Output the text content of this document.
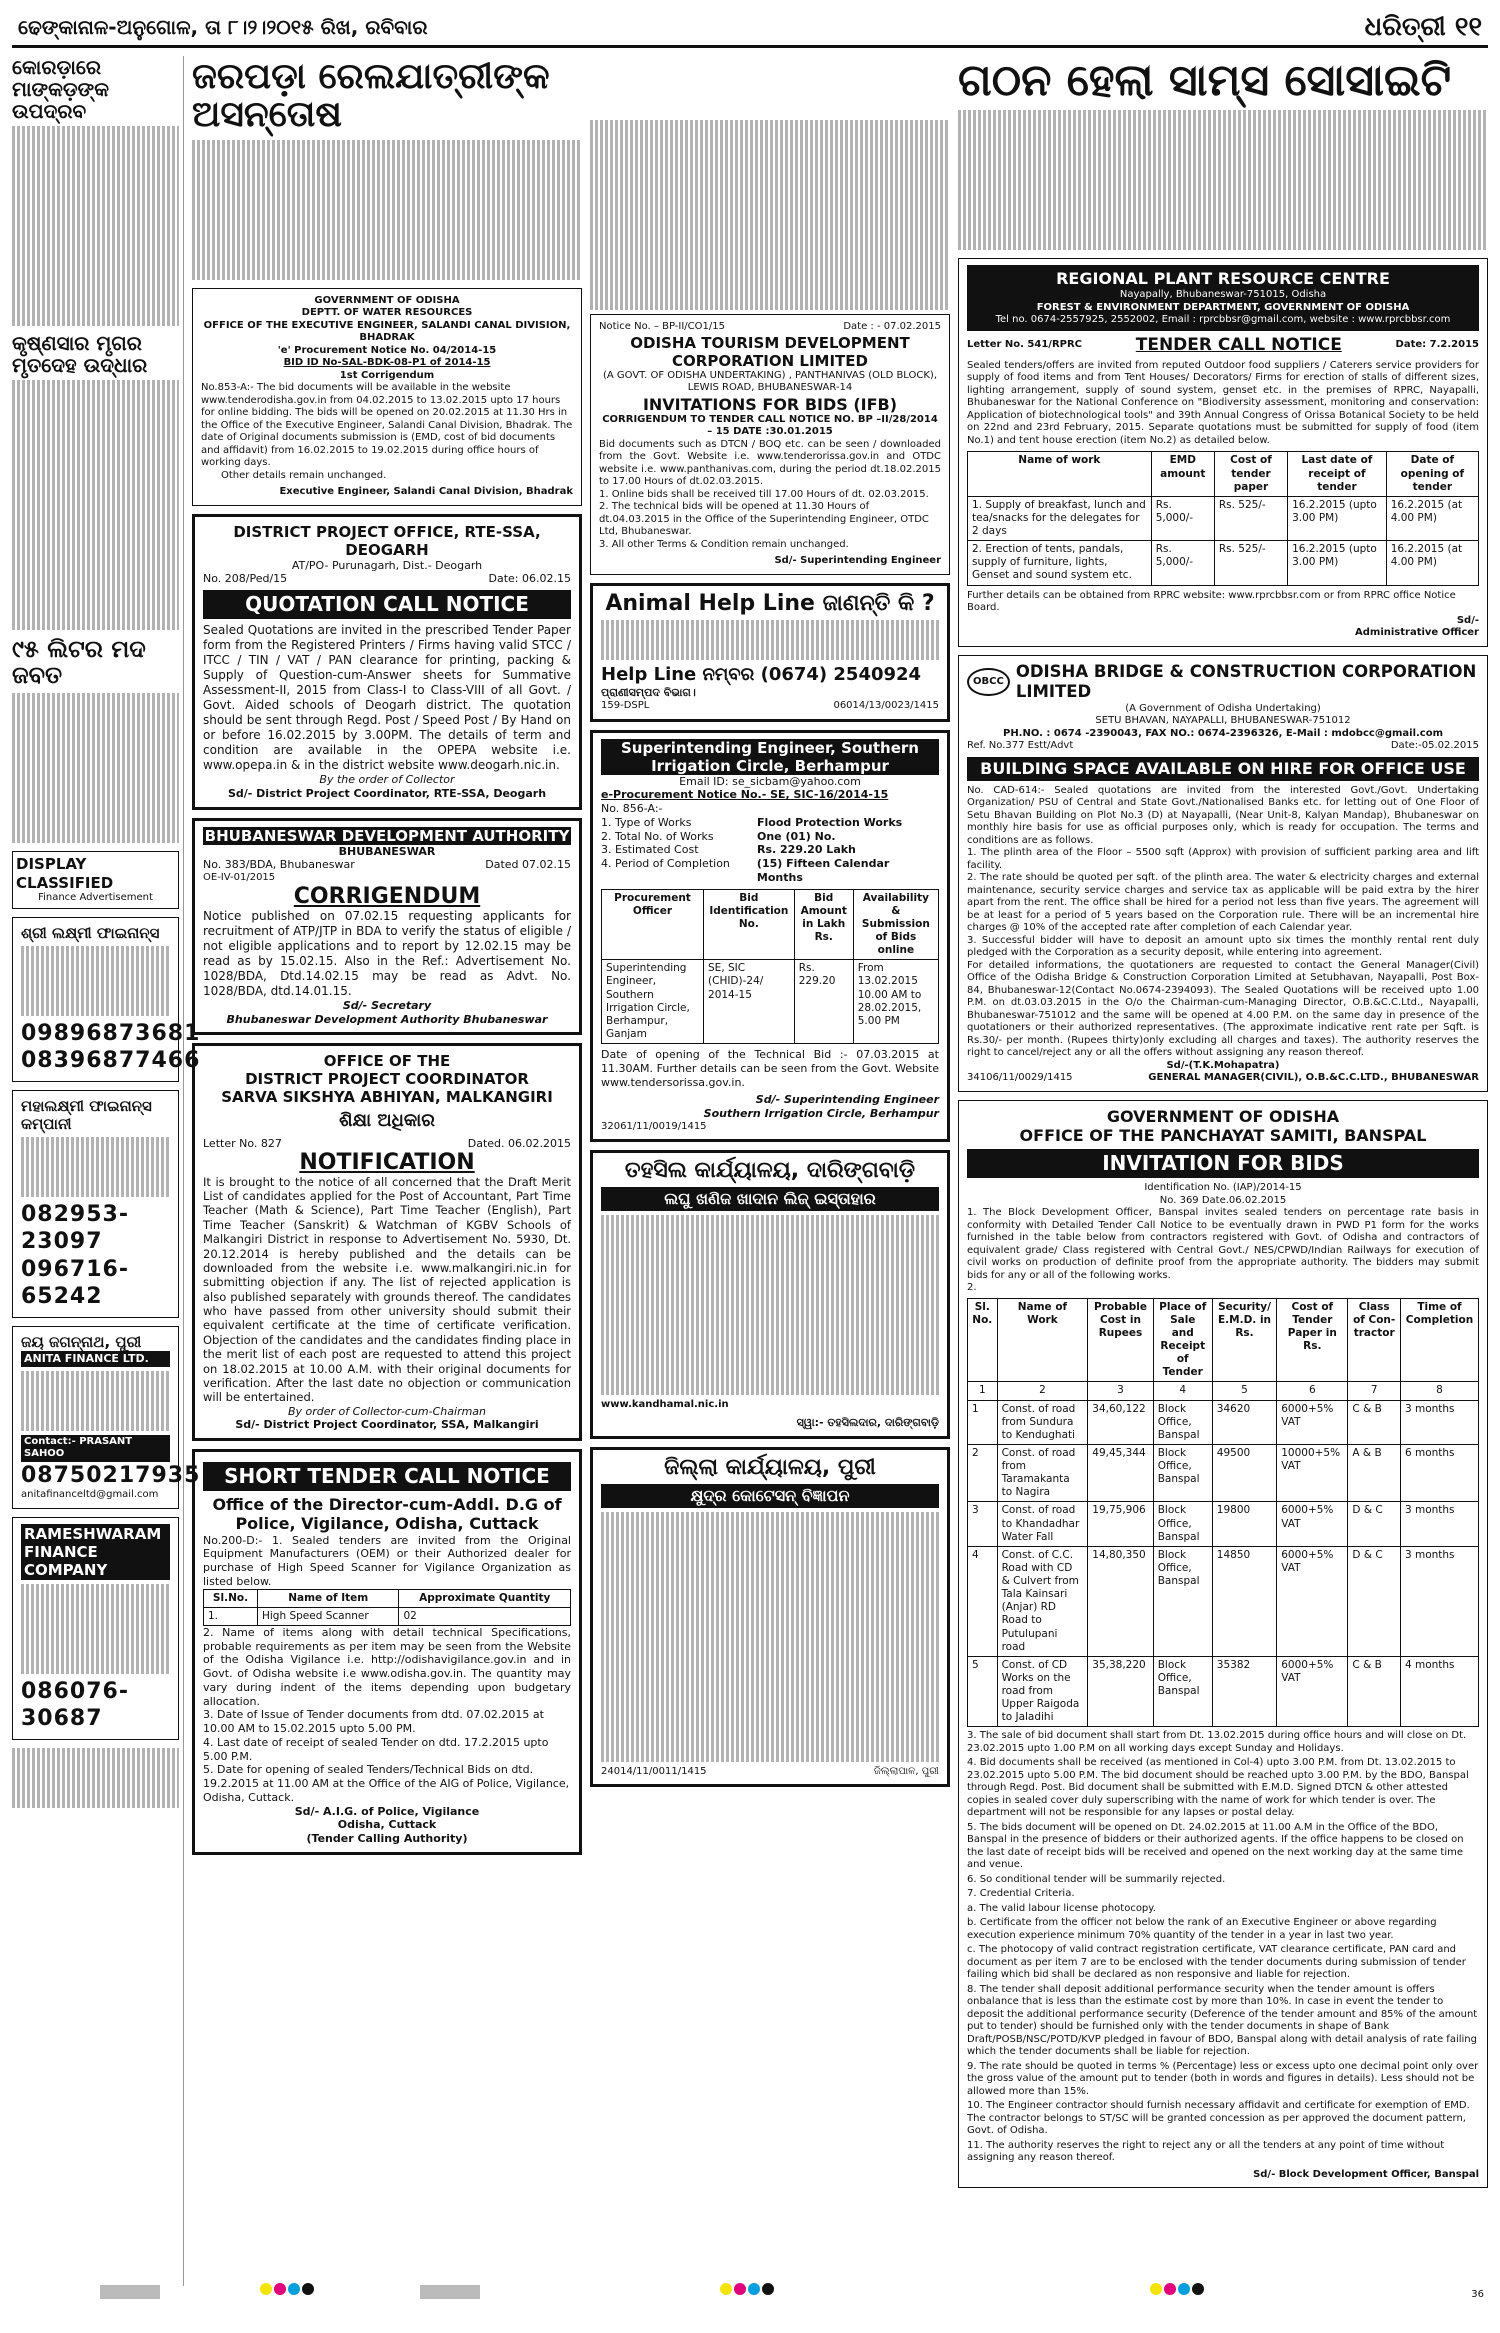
ଢେଙ୍କାନାଳ-ଅନୁଗୋଳ, ତା ୮।୨।୨୦୧୫ ରିଖ, ରବିବାର	ଧରିତ୍ରୀ ୧୧
କୋରଡ଼ାରେ ମାଙ୍କଡ଼ଙ୍କ ଉପଦ୍ରବ
କୃଷ୍ଣସାର ମୃଗର ମୃତଦେହ ଉଦ୍ଧାର
୯୫ ଲିଟର ମଦ ଜବତ
DISPLAY CLASSIFIED
Finance Advertisement
ଶ୍ରୀ ଲକ୍ଷ୍ମୀ ଫାଇନାନ୍ସ
09896873681
08396877466
ମହାଲକ୍ଷ୍ମୀ ଫାଇନାନ୍ସ କମ୍ପାନୀ
082953-23097
096716-65242
ଜୟ ଜଗନ୍ନାଥ, ପୁରୀ
ANITA FINANCE LTD.
Contact:- PRASANT SAHOO
08750217935
anitafinanceltd@gmail.com
RAMESHWARAM FINANCE COMPANY
086076-30687
ଜରପଡ଼ା ରେଲଯାତ୍ରୀଙ୍କ ଅସନ୍ତୋଷ
GOVERNMENT OF ODISHA
DEPTT. OF WATER RESOURCES
OFFICE OF THE EXECUTIVE ENGINEER, SALANDI CANAL DIVISION, BHADRAK
'e' Procurement Notice No. 04/2014-15
BID ID No-SAL-BDK-08-P1 of 2014-15
1st Corrigendum

No.853-A:- The bid documents will be available in the website www.tenderodisha.gov.in from 04.02.2015 to 13.02.2015 upto 17 hours for online bidding. The bids will be opened on 20.02.2015 at 11.30 Hrs in the Office of the Executive Engineer, Salandi Canal Division, Bhadrak. The date of Original documents submission is (EMD, cost of bid documents and affidavit) from 16.02.2015 to 19.02.2015 during office hours of working days.

Other details remain unchanged.

Executive Engineer, Salandi Canal Division, Bhadrak
DISTRICT PROJECT OFFICE, RTE-SSA, DEOGARH
AT/PO- Purunagarh, Dist.- Deogarh
No. 208/Ped/15	Date: 06.02.15
QUOTATION CALL NOTICE

Sealed Quotations are invited in the prescribed Tender Paper form from the Registered Printers / Firms having valid STCC / ITCC / TIN / VAT / PAN clearance for printing, packing & Supply of Question-cum-Answer sheets for Summative Assessment-II, 2015 from Class-I to Class-VIII of all Govt. / Govt. Aided schools of Deogarh district. The quotation should be sent through Regd. Post / Speed Post / By Hand on or before 16.02.2015 by 3.00PM. The details of term and condition are available in the OPEPA website i.e. www.opepa.in & in the district website www.deogarh.nic.in.

By the order of Collector
Sd/- District Project Coordinator, RTE-SSA, Deogarh
BHUBANESWAR DEVELOPMENT AUTHORITY
BHUBANESWAR
No. 383/BDA, Bhubaneswar	Dated 07.02.15
OE-IV-01/2015
CORRIGENDUM

Notice published on 07.02.15 requesting applicants for recruitment of ATP/JTP in BDA to verify the status of eligible / not eligible applications and to report by 12.02.15 may be read as by 15.02.15. Also in the Ref.: Advertisement No. 1028/BDA, Dtd.14.02.15 may be read as Advt. No. 1028/BDA, dtd.14.01.15.

Sd/- Secretary
Bhubaneswar Development Authority Bhubaneswar
OFFICE OF THE
DISTRICT PROJECT COORDINATOR
SARVA SIKSHYA ABHIYAN, MALKANGIRI
ଶିକ୍ଷା ଅଧିକାର
Letter No. 827	Dated. 06.02.2015
NOTIFICATION

It is brought to the notice of all concerned that the Draft Merit List of candidates applied for the Post of Accountant, Part Time Teacher (Math & Science), Part Time Teacher (English), Part Time Teacher (Sanskrit) & Watchman of KGBV Schools of Malkangiri District in response to Advertisement No. 5930, Dt. 20.12.2014 is hereby published and the details can be downloaded from the website i.e. www.malkangiri.nic.in for submitting objection if any. The list of rejected application is also published separately with grounds thereof. The candidates who have passed from other university should submit their equivalent certificate at the time of certificate verification. Objection of the candidates and the candidates finding place in the merit list of each post are requested to attend this project on 18.02.2015 at 10.00 A.M. with their original documents for verification. After the last date no objection or communication will be entertained.

By order of Collector-cum-Chairman
Sd/- District Project Coordinator, SSA, Malkangiri
SHORT TENDER CALL NOTICE
Office of the Director-cum-Addl. D.G of Police, Vigilance, Odisha, Cuttack

No.200-D:- 1. Sealed tenders are invited from the Original Equipment Manufacturers (OEM) or their Authorized dealer for purchase of High Speed Scanner for Vigilance Organization as listed below.

Sl.No.	Name of Item	Approximate Quantity
1.	High Speed Scanner	02

2. Name of items along with detail technical Specifications, probable requirements as per item may be seen from the Website of the Odisha Vigilance i.e. http://odishavigilance.gov.in and in Govt. of Odisha website i.e www.odisha.gov.in. The quantity may vary during indent of the items depending upon budgetary allocation.

3. Date of Issue of Tender documents from dtd. 07.02.2015 at 10.00 AM to 15.02.2015 upto 5.00 PM.

4. Last date of receipt of sealed Tender on dtd. 17.2.2015 upto 5.00 P.M.

5. Date for opening of sealed Tenders/Technical Bids on dtd. 19.2.2015 at 11.00 AM at the Office of the AIG of Police, Vigilance, Odisha, Cuttack.

Sd/- A.I.G. of Police, Vigilance
Odisha, Cuttack
(Tender Calling Authority)
Notice No. – BP-II/CO1/15	Date : - 07.02.2015
ODISHA TOURISM DEVELOPMENT CORPORATION LIMITED
(A GOVT. OF ODISHA UNDERTAKING) , PANTHANIVAS (OLD BLOCK), LEWIS ROAD, BHUBANESWAR-14
INVITATIONS FOR BIDS (IFB)
CORRIGENDUM TO TENDER CALL NOTICE NO. BP –II/28/2014 – 15 DATE :30.01.2015

Bid documents such as DTCN / BOQ etc. can be seen / downloaded from the Govt. Website i.e. www.tenderorissa.gov.in and OTDC website i.e. www.panthanivas.com, during the period dt.18.02.2015 to 17.00 Hours of dt.02.03.2015.

1. Online bids shall be received till 17.00 Hours of dt. 02.03.2015.

2. The technical bids will be opened at 11.30 Hours of dt.04.03.2015 in the Office of the Superintending Engineer, OTDC Ltd, Bhubaneswar.

3. All other Terms & Condition remain unchanged.

Sd/- Superintending Engineer
Animal Help Line ଜାଣନ୍ତି କି ?
Help Line ନମ୍ବର (0674) 2540924
ପ୍ରାଣୀସମ୍ପଦ ବିଭାଗ।
159-DSPL	06014/13/0023/1415
Superintending Engineer, Southern Irrigation Circle, Berhampur
Email ID: se_sicbam@yahoo.com
e-Procurement Notice No.- SE, SIC-16/2014-15
No. 856-A:-
1. Type of Works	Flood Protection Works
2. Total No. of Works	One (01) No.
3. Estimated Cost	Rs. 229.20 Lakh
4. Period of Completion	(15) Fifteen Calendar Months
Procurement Officer	Bid Identification No.	Bid Amount in Lakh Rs.	Availability & Submission of Bids online
Superintending Engineer, Southern Irrigation Circle, Berhampur, Ganjam	SE, SIC (CHID)-24/ 2014-15	Rs. 229.20	From 13.02.2015 10.00 AM to 28.02.2015, 5.00 PM

Date of opening of the Technical Bid :- 07.03.2015 at 11.30AM. Further details can be seen from the Govt. Website www.tendersorissa.gov.in.

Sd/- Superintending Engineer
Southern Irrigation Circle, Berhampur
32061/11/0019/1415
ତହସିଲ କାର୍ଯ୍ୟାଳୟ, ଦାରିଙ୍ଗବାଡ଼ି
ଲଘୁ ଖଣିଜ ଖାଦାନ ଲିଜ୍ ଇସ୍ତାହାର
www.kandhamal.nic.in
ସ୍ୱା:- ତହସିଲଦାର, ଦାରିଙ୍ଗବାଡ଼ି
ଜିଲ୍ଲା କାର୍ଯ୍ୟାଳୟ, ପୁରୀ
କ୍ଷୁଦ୍ର କୋଟେସନ୍ ବିଜ୍ଞାପନ
24014/11/0011/1415	ଜିଲ୍ଲାପାଳ, ପୁରୀ
ଗଠନ ହେଲା ସାମ୍ସ ସୋସାଇଟି
REGIONAL PLANT RESOURCE CENTRE
Nayapally, Bhubaneswar-751015, Odisha
FOREST & ENVIRONMENT DEPARTMENT, GOVERNMENT OF ODISHA
Tel no. 0674-2557925, 2552002, Email : rprcbbsr@gmail.com, website : www.rprcbbsr.com
Letter No. 541/RPRC	TENDER CALL NOTICE	Date: 7.2.2015

Sealed tenders/offers are invited from reputed Outdoor food suppliers / Caterers service providers for supply of food items and from Tent Houses/ Decorators/ Firms for erection of stalls of different sizes, lighting arrangement, supply of sound system, genset etc. in the premises of RPRC, Nayapalli, Bhubaneswar for the National Conference on "Biodiversity assessment, monitoring and conservation: Application of biotechnological tools" and 39th Annual Congress of Orissa Botanical Society to be held on 22nd and 23rd February, 2015. Separate quotations must be submitted for supply of food (item No.1) and tent house erection (item No.2) as detailed below.

Name of work	EMD amount	Cost of tender paper	Last date of receipt of tender	Date of opening of tender
1. Supply of breakfast, lunch and tea/snacks for the delegates for 2 days	Rs. 5,000/-	Rs. 525/-	16.2.2015 (upto 3.00 PM)	16.2.2015 (at 4.00 PM)
2. Erection of tents, pandals, supply of furniture, lights, Genset and sound system etc.	Rs. 5,000/-	Rs. 525/-	16.2.2015 (upto 3.00 PM)	16.2.2015 (at 4.00 PM)

Further details can be obtained from RPRC website: www.rprcbbsr.com or from RPRC office Notice Board.

Sd/-
Administrative Officer
OBCC
ODISHA BRIDGE & CONSTRUCTION CORPORATION LIMITED
(A Government of Odisha Undertaking)
SETU BHAVAN, NAYAPALLI, BHUBANESWAR-751012
PH.NO. : 0674 -2390043, FAX NO.: 0674-2396326, E-Mail : mdobcc@gmail.com
Ref. No.377 Estt/Advt	Date:-05.02.2015
BUILDING SPACE AVAILABLE ON HIRE FOR OFFICE USE

No. CAD-614:- Sealed quotations are invited from the interested Govt./Govt. Undertaking Organization/ PSU of Central and State Govt./Nationalised Banks etc. for letting out of One Floor of Setu Bhavan Building on Plot No.3 (D) at Nayapalli, (Near Unit-8, Kalyan Mandap), Bhubaneswar on monthly hire basis for use as official purposes only, which is ready for occupation. The terms and conditions are as follows.

1. The plinth area of the Floor – 5500 sqft (Approx) with provision of sufficient parking area and lift facility.

2. The rate should be quoted per sqft. of the plinth area. The water & electricity charges and external maintenance, security service charges and service tax as applicable will be paid extra by the hirer apart from the rent. The office shall be hired for a period not less than five years. The agreement will be at least for a period of 5 years based on the Corporation rule. There will be an incremental hire charges @ 10% of the accepted rate after completion of each Calendar year.

3. Successful bidder will have to deposit an amount upto six times the monthly rental rent duly pledged with the Corporation as a security deposit, while entering into agreement.

For detailed informations, the quotationers are requested to contact the General Manager(Civil) Office of the Odisha Bridge & Construction Corporation Limited at Setubhavan, Nayapalli, Post Box-84, Bhubaneswar-12(Contact No.0674-2394093). The Sealed Quotations will be received upto 1.00 P.M. on dt.03.03.2015 in the O/o the Chairman-cum-Managing Director, O.B.&C.C.Ltd., Nayapalli, Bhubaneswar-751012 and the same will be opened at 4.00 P.M. on the same day in presence of the quotationers or their authorized representatives. (The approximate indicative rent rate per Sqft. is Rs.30/- per month. (Rupees thirty)only excluding all charges and taxes). The authority reserves the right to cancel/reject any or all the offers without assigning any reason thereof.

Sd/-(T.K.Mohapatra)
34106/11/0029/1415	GENERAL MANAGER(CIVIL), O.B.&C.C.LTD., BHUBANESWAR
GOVERNMENT OF ODISHA
OFFICE OF THE PANCHAYAT SAMITI, BANSPAL
INVITATION FOR BIDS
Identification No. (IAP)/2014-15
No. 369 Date.06.02.2015

1. The Block Development Officer, Banspal invites sealed tenders on percentage rate basis in conformity with Detailed Tender Call Notice to be eventually drawn in PWD P1 form for the works furnished in the table below from contractors registered with Govt. of Odisha and contractors of equivalent grade/ Class registered with Central Govt./ NES/CPWD/Indian Railways for execution of civil works on production of definite proof from the appropriate authority. The bidders may submit bids for any or all of the following works.

2.

Sl. No.	Name of Work	Probable Cost in Rupees	Place of Sale and Receipt of Tender	Security/ E.M.D. in Rs.	Cost of Tender Paper in Rs.	Class of Con- tractor	Time of Completion
1	2	3	4	5	6	7	8
1	Const. of road from Sundura to Kendughati	34,60,122	Block Office, Banspal	34620	6000+5% VAT	C & B	3 months
2	Const. of road from Taramakanta to Nagira	49,45,344	Block Office, Banspal	49500	10000+5% VAT	A & B	6 months
3	Const. of road to Khandadhar Water Fall	19,75,906	Block Office, Banspal	19800	6000+5% VAT	D & C	3 months
4	Const. of C.C. Road with CD & Culvert from Tala Kainsari (Anjar) RD Road to Putulupani road	14,80,350	Block Office, Banspal	14850	6000+5% VAT	D & C	3 months
5	Const. of CD Works on the road from Upper Raigoda to Jaladihi	35,38,220	Block Office, Banspal	35382	6000+5% VAT	C & B	4 months
3. The sale of bid document shall start from Dt. 13.02.2015 during office hours and will close on Dt. 23.02.2015 upto 1.00 P.M on all working days except Sunday and Holidays.
4. Bid documents shall be received (as mentioned in Col-4) upto 3.00 P.M. from Dt. 13.02.2015 to 23.02.2015 upto 5.00 P.M. The bid document should be reached upto 3.00 P.M. by the BDO, Banspal through Regd. Post. Bid document shall be submitted with E.M.D. Signed DTCN & other attested copies in sealed cover duly superscribing with the name of work for which tender is over. The department will not be responsible for any lapses or postal delay.
5. The bids document will be opened on Dt. 24.02.2015 at 11.00 A.M in the Office of the BDO, Banspal in the presence of bidders or their authorized agents. If the office happens to be closed on the last date of receipt bids will be received and opened on the next working day at the same time and venue.
6. So conditional tender will be summarily rejected.
7. Credential Criteria.
a. The valid labour license photocopy.
b. Certificate from the officer not below the rank of an Executive Engineer or above regarding execution experience minimum 70% quantity of the tender in a year in last two year.
c. The photocopy of valid contract registration certificate, VAT clearance certificate, PAN card and document as per item 7 are to be enclosed with the tender documents during submission of tender failing which bid shall be declared as non responsive and liable for rejection.
8. The tender shall deposit additional performance security when the tender amount is offers onbalance that is less than the estimate cost by more than 10%. In case in event the tender to deposit the additional performance security (Deference of the tender amount and 85% of the amount put to tender) should be furnished only with the tender documents in shape of Bank Draft/POSB/NSC/POTD/KVP pledged in favour of BDO, Banspal along with detail analysis of rate failing which the tender documents shall be liable for rejection.
9. The rate should be quoted in terms % (Percentage) less or excess upto one decimal point only over the gross value of the amount put to tender (both in words and figures in details). Less should not be allowed more than 15%.
10. The Engineer contractor should furnish necessary affidavit and certificate for exemption of EMD. The contractor belongs to ST/SC will be granted concession as per approved the document pattern, Govt. of Odisha.
11. The authority reserves the right to reject any or all the tenders at any point of time without assigning any reason thereof.
Sd/- Block Development Officer, Banspal
36
